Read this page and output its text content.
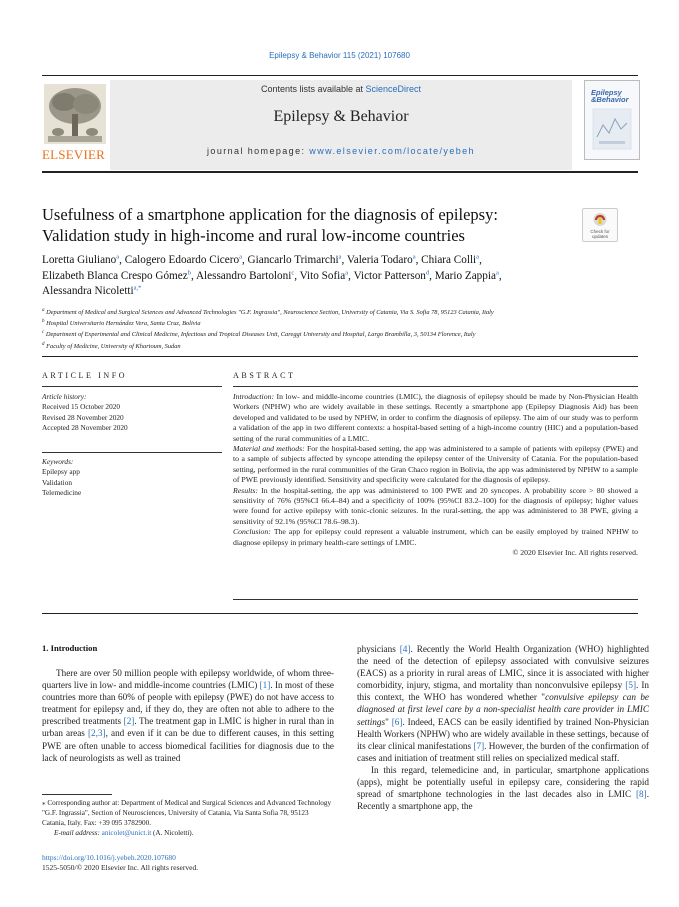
Epilepsy & Behavior 115 (2021) 107680
ELSEVIER
Contents lists available at ScienceDirect
Epilepsy & Behavior
journal homepage: www.elsevier.com/locate/yebeh
Epilepsy
&Behavior
Usefulness of a smartphone application for the diagnosis of epilepsy:
Validation study in high-income and rural low-income countries	Check for
updates
Loretta Giuliano$^a$, Calogero Edoardo Cicero$^a$, Giancarlo Trimarchi$^a$, Valeria Todaro$^a$, Chiara Colli$^a$,
Elizabeth Blanca Crespo Gómez$^b$, Alessandro Bartoloni$^c$, Vito Sofia$^a$, Victor Patterson$^d$, Mario Zappia$^a$,
Alessandra Nicoletti$^{a,*}$
$^a$ Department of Medical and Surgical Sciences and Advanced Technologies "G.F. Ingrassia", Neuroscience Section, University of Catania, Via S. Sofia 78, 95123 Catania, Italy
$^b$ Hospital Universitario Hernández Vera, Santa Cruz, Bolivia
$^c$ Department of Experimental and Clinical Medicine, Infectious and Tropical Diseases Unit, Careggi University and Hospital, Largo Brambilla, 3, 50134 Florence, Italy
$^d$ Faculty of Medicine, University of Khartoum, Sudan
ARTICLE INFO	ABSTRACT
Article history:
Received 15 October 2020
Revised 28 November 2020
Accepted 28 November 2020
Keywords:
Epilepsy app
Validation
Telemedicine

Introduction: In low- and middle-income countries (LMIC), the diagnosis of epilepsy should be made by Non-Physician Health Workers (NPHW) who are widely available in these settings. Recently a smartphone app (Epilepsy Diagnosis Aid) has been developed and validated to be used by NPHW, in order to confirm the diagnosis of epilepsy. The aim of our study was to perform a validation of the app in two different contexts: a hospital-based setting of a high-income country (HIC) and a population-based setting of the rural communities of a LMIC.

Material and methods: For the hospital-based setting, the app was administered to a sample of patients with epilepsy (PWE) and to a sample of subjects affected by syncope attending the epilepsy center of the University of Catania. For the population-based setting, performed in the rural communities of the Gran Chaco region in Bolivia, the app was administered by NPHW to a sample of PWE previously identified. Sensitivity and specificity were calculated for the diagnosis of epilepsy.

Results: In the hospital-setting, the app was administered to 100 PWE and 20 syncopes. A probability score > 80 showed a sensitivity of 76% (95%CI 66.4–84) and a specificity of 100% (95%CI 83.2–100) for the diagnosis of epilepsy; higher values were found for active epilepsy with tonic-clonic seizures. In the rural-setting, the app was administered to 38 PWE, giving a sensitivity of 92.1% (95%CI 78.6–98.3).

Conclusion: The app for epilepsy could represent a valuable instrument, which can be easily employed by trained NPHW to diagnose epilepsy in primary health-care settings of LMIC.

© 2020 Elsevier Inc. All rights reserved.

1. Introduction

There are over 50 million people with epilepsy worldwide, of whom three-quarters live in low- and middle-income countries (LMIC) [1]. In most of these countries more than 60% of people with epilepsy (PWE) do not have access to treatment for epilepsy and, if they do, they are often not able to adhere to the prescribed treatments [2]. The treatment gap in LMIC is higher in rural than in urban areas [2,3], and even if it can be due to different causes, in this setting PWE are often unable to access biomedical facilities for diagnosis due to the lack of neurologists as well as trained

physicians [4]. Recently the World Health Organization (WHO) highlighted the need of the detection of epilepsy associated with convulsive seizures (EACS) as a priority in rural areas of LMIC, since it is associated with higher comorbidity, injury, stigma, and mortality than nonconvulsive epilepsy [5]. In this context, the WHO has wondered whether "convulsive epilepsy can be diagnosed at first level care by a non-specialist health care provider in LMIC settings" [6]. Indeed, EACS can be easily identified by trained Non-Physician Health Workers (NPHW) who are widely available in these settings, because of its clear clinical manifestations [7]. However, the burden of the confirmation of cases and initiation of treatment still relies on specialized medical staff.

In this regard, telemedicine and, in particular, smartphone applications (apps), might be potentially useful in epilepsy care, considering the rapid spread of smartphone technologies in the last decades also in LMIC [8]. Recently a smartphone app, the

⁎ Corresponding author at: Department of Medical and Surgical Sciences and Advanced Technology "G.F. Ingrassia", Section of Neurosciences, University of Catania, Via Santa Sofia 78, 95123 Catania, Italy. Fax: +39 095 3782900.

E-mail address: anicolet@unict.it (A. Nicoletti).

https://doi.org/10.1016/j.yebeh.2020.107680
1525-5050/© 2020 Elsevier Inc. All rights reserved.
